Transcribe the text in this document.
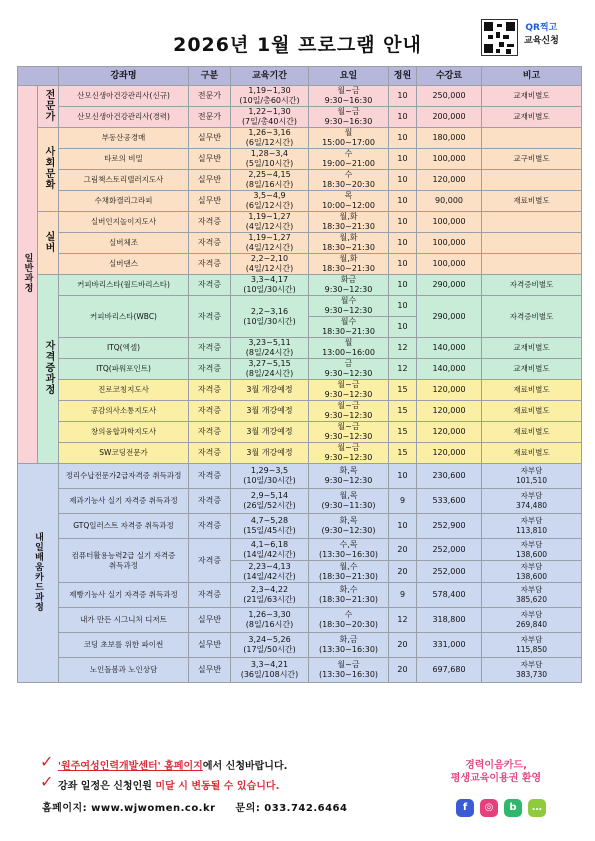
2026년 1월 프로그램 안내
QR찍고
교육신청
		강좌명	구분	교육기간	요일	정원	수강료	비고
일반과정	전문가	산모신생아건강관리사(신규)	전문가	1,19~1,30
(10일/총60시간)	월~금
9:30~16:30	10	250,000	교재비별도
		산모신생아건강관리사(경력)	전문가	1,22~1,30
(7일/총40시간)	월~금
9:30~16:30	10	200,000	교재비별도
	사회문화	부동산공경매	실무반	1,26~3,16
(6일/12시간)	월
15:00~17:00	10	180,000	
		타로의 비밀	실무반	1,28~3,4
(5일/10시간)	수
19:00~21:00	10	100,000	교구비별도
		그림책스토리텔러지도사	실무반	2,25~4,15
(8일/16시간)	수
18:30~20:30	10	120,000	
		수채화캘리그라피	실무반	3,5~4,9
(6일/12시간)	목
10:00~12:00	10	90,000	재료비별도
	실버	실버인지놀이지도사	자격증	1,19~1,27
(4일/12시간)	월,화
18:30~21:30	10	100,000	
		실버체조	자격증	1,19~1,27
(4일/12시간)	월,화
18:30~21:30	10	100,000	
		실버댄스	자격증	2,2~2,10
(4일/12시간)	월,화
18:30~21:30	10	100,000	
	자격증과정	커피바리스타(월드바리스타)	자격증	3,3~4,17
(10일/30시간)	화금
9:30~12:30	10	290,000	자격증비별도
		커피바리스타(WBC)	자격증	2,2~3,16
(10일/30시간)	월수
9:30~12:30	10	290,000	자격증비별도
					월수
18:30~21:30	10		
		ITQ(엑셀)	자격증	3,23~5,11
(8일/24시간)	월
13:00~16:00	12	140,000	교재비별도
		ITQ(파워포인트)	자격증	3,27~5,15
(8일/24시간)	금
9:30~12:30	12	140,000	교재비별도
		진로코칭지도사	자격증	3월 개강예정	월~금
9:30~12:30	15	120,000	재료비별도
		공감의사소통지도사	자격증	3월 개강예정	월~금
9:30~12:30	15	120,000	재료비별도
		창의융합과학지도사	자격증	3월 개강예정	월~금
9:30~12:30	15	120,000	재료비별도
		SW코딩전문가	자격증	3월 개강예정	월~금
9:30~12:30	15	120,000	재료비별도
내일배움카드과정		정리수납전문가2급자격증 취득과정	자격증	1,29~3,5
(10일/30시간)	화,목
9:30~12:30	10	230,600	자부담
101,510
		제과기능사 실기 자격증 취득과정	자격증	2,9~5,14
(26일/52시간)	월,목
(9:30~11:30)	9	533,600	자부담
374,480
		GTQ일러스트 자격증 취득과정	자격증	4,7~5,28
(15일/45시간)	화,목
(9:30~12:30)	10	252,900	자부담
113,810
		컴퓨터활용능력2급 실기 자격증
취득과정	자격증	4,1~6,18
(14일/42시간)	수,목
(13:30~16:30)	20	252,000	자부담
138,600
				2,23~4,13
(14일/42시간)	월,수
(18:30~21:30)	20	252,000	자부담
138,600
		제빵기능사 실기 자격증 취득과정	자격증	2,3~4,22
(21일/63시간)	화,수
(18:30~21:30)	9	578,400	자부담
385,620
		내가 만든 시그니처 디저트	실무반	1,26~3,30
(8일/16시간)	수
(18:30~20:30)	12	318,800	자부담
269,840
		코딩 초보를 위한 파이썬	실무반	3,24~5,26
(17일/50시간)	화,금
(13:30~16:30)	20	331,000	자부담
115,850
		노인돌봄과 노인상담	실무반	3,3~4,21
(36일/108시간)	월~금
(13:30~16:30)	20	697,680	자부담
383,730
✓ '원주여성인력개발센터' 홈페이지에서 신청바랍니다.
✓ 강좌 일정은 신청인원 미달 시 변동될 수 있습니다.
홈페이지: www.wjwomen.co.kr 문의: 033.742.6464
경력이음카드,
평생교육이용권 환영
f	◎	b	…
